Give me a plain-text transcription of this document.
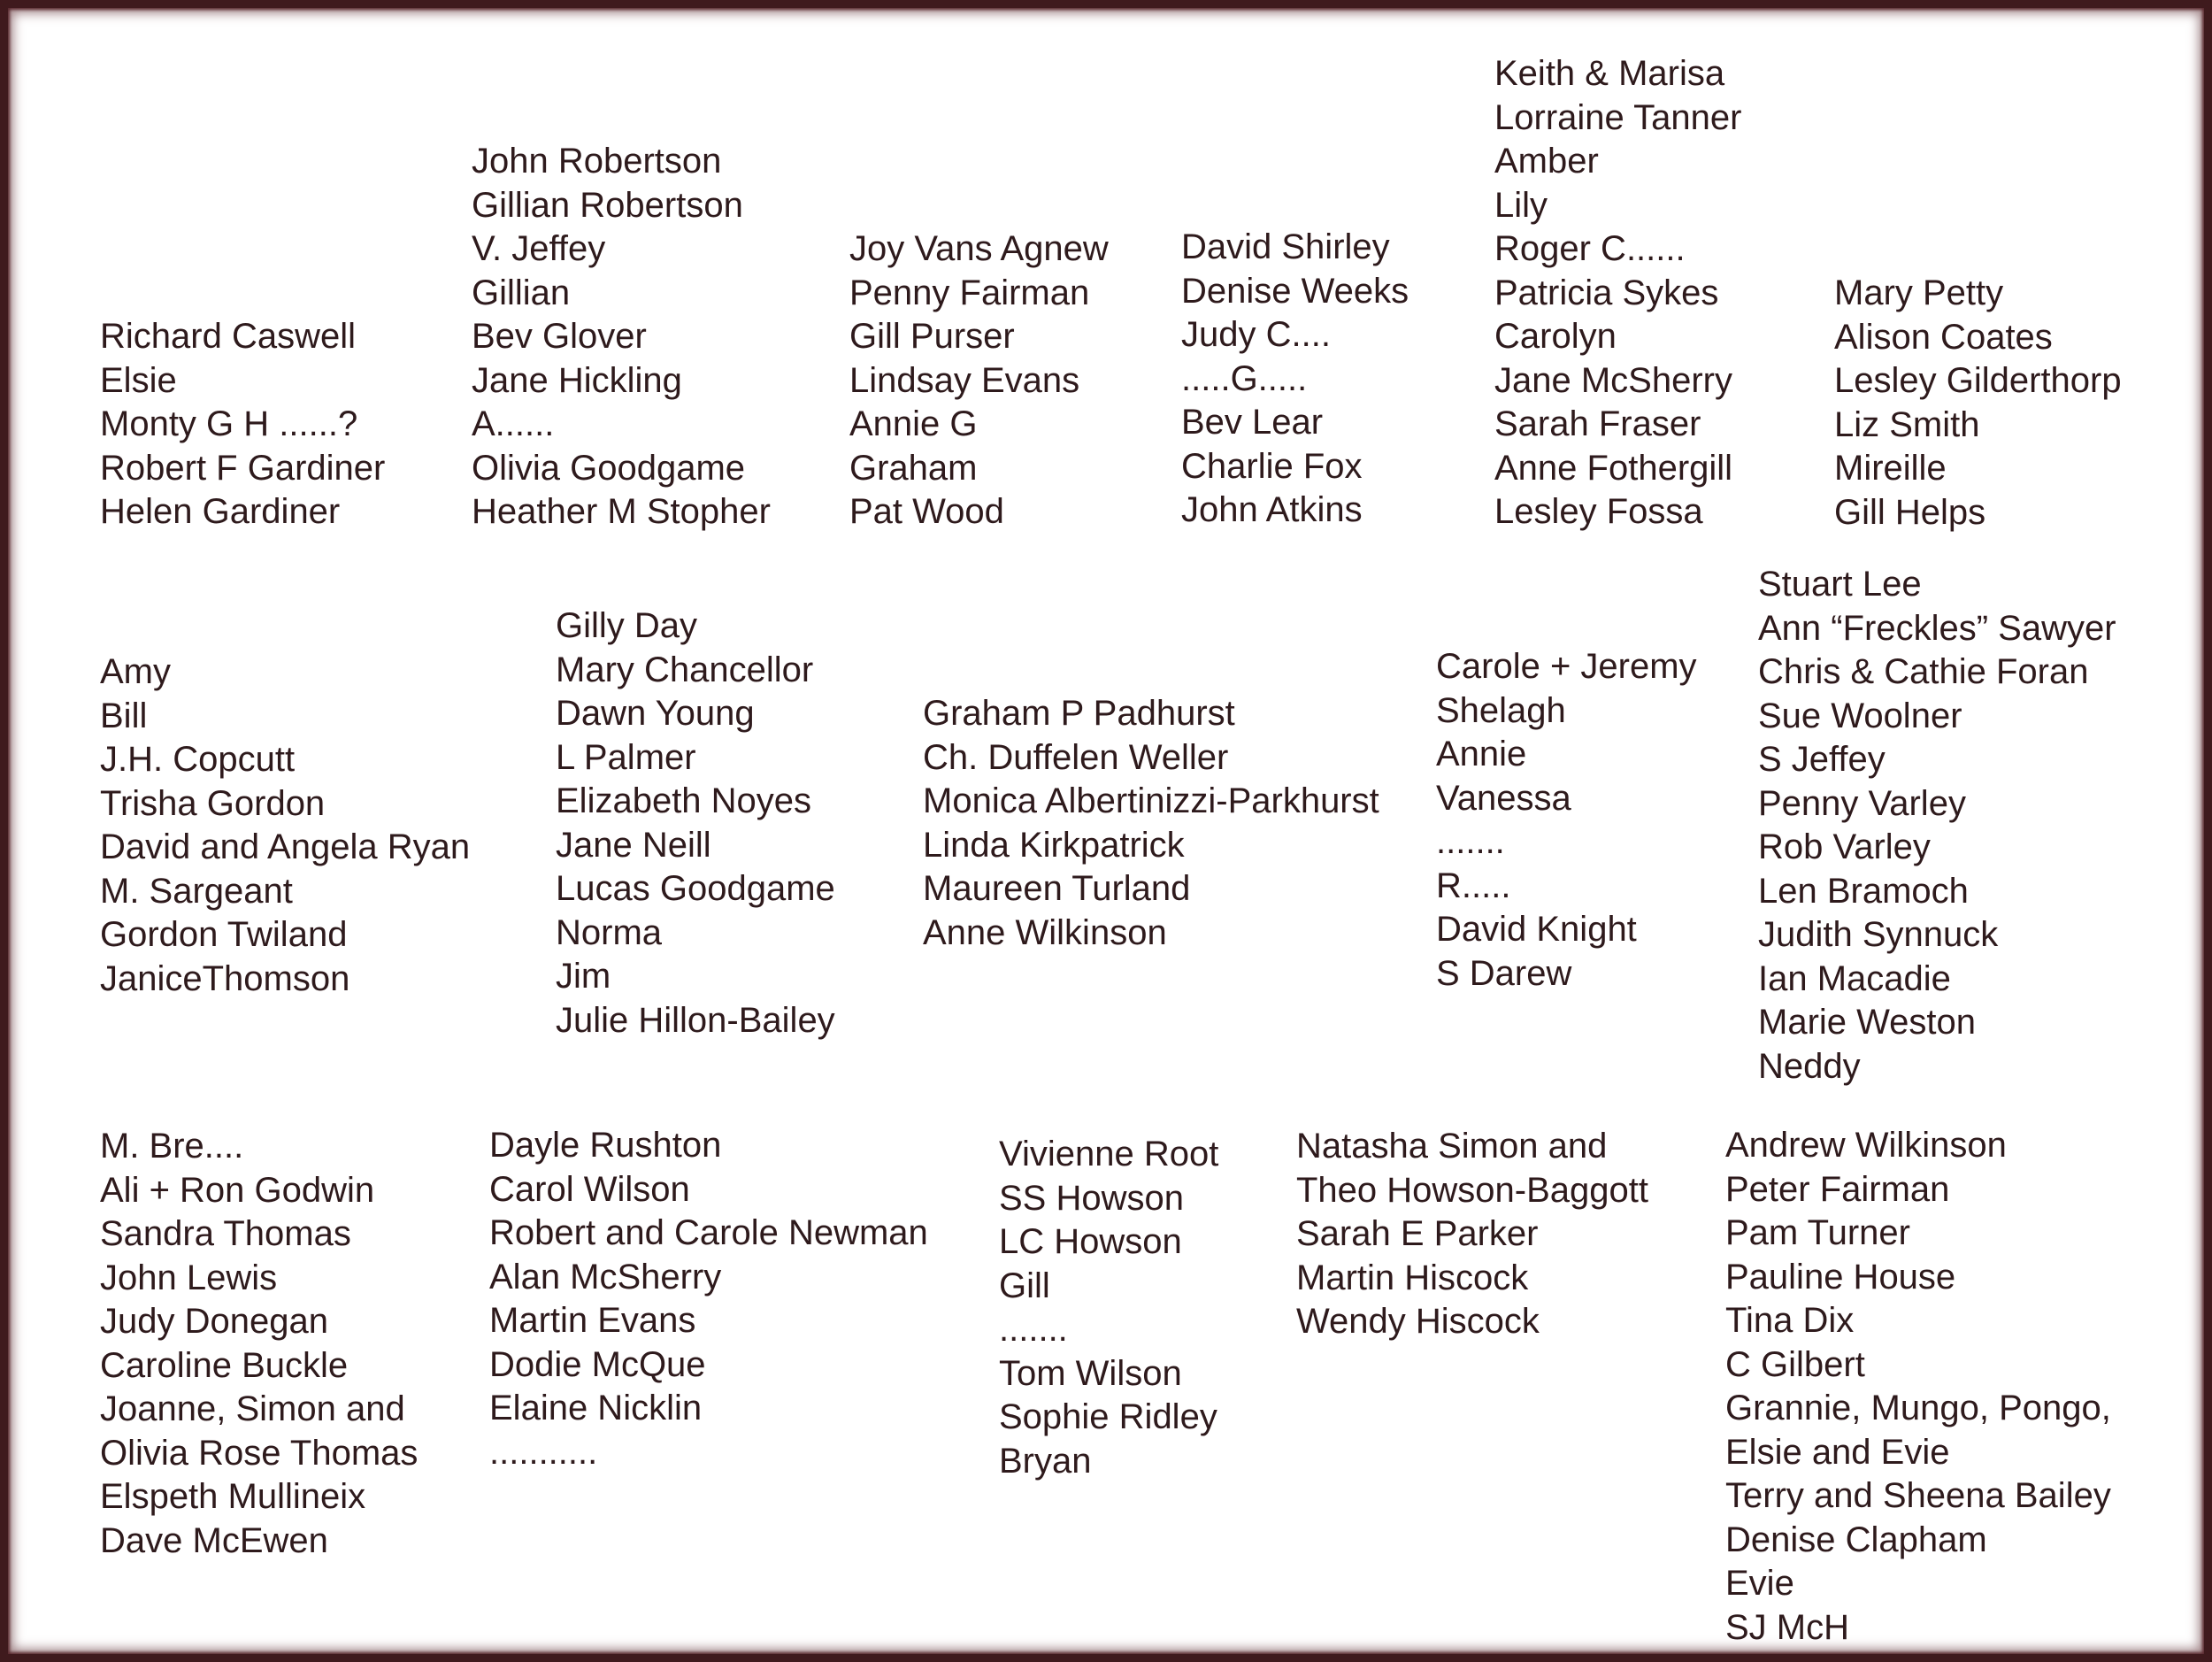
Richard Caswell
Elsie
Monty G H ......?
Robert F Gardiner
Helen Gardiner
John Robertson
Gillian Robertson
V. Jeffey
Gillian
Bev Glover
Jane Hickling
A......
Olivia Goodgame
Heather M Stopher
Joy Vans Agnew
Penny Fairman
Gill Purser
Lindsay Evans
Annie G
Graham
Pat Wood
David Shirley
Denise Weeks
Judy C....
.....G.....
Bev Lear
Charlie Fox
John Atkins
Keith & Marisa
Lorraine Tanner
Amber
Lily
Roger C......
Patricia Sykes
Carolyn
Jane McSherry
Sarah Fraser
Anne Fothergill
Lesley Fossa
Mary Petty
Alison Coates
Lesley Gilderthorp
Liz Smith
Mireille
Gill Helps
Amy
Bill
J.H. Copcutt
Trisha Gordon
David and Angela Ryan
M. Sargeant
Gordon Twiland
JaniceThomson
Gilly Day
Mary Chancellor
Dawn Young
L Palmer
Elizabeth Noyes
Jane Neill
Lucas Goodgame
Norma
Jim
Julie Hillon-Bailey
Graham P Padhurst
Ch. Duffelen Weller
Monica Albertinizzi-Parkhurst
Linda Kirkpatrick
Maureen Turland
Anne Wilkinson
Carole + Jeremy
Shelagh
Annie
Vanessa
.......
R.....
David Knight
S Darew
Stuart Lee
Ann “Freckles” Sawyer
Chris & Cathie Foran
Sue Woolner
S Jeffey
Penny Varley
Rob Varley
Len Bramoch
Judith Synnuck
Ian Macadie
Marie Weston
Neddy
M. Bre....
Ali + Ron Godwin
Sandra Thomas
John Lewis
Judy Donegan
Caroline Buckle
Joanne, Simon and
Olivia Rose Thomas
Elspeth Mullineix
Dave McEwen
Dayle Rushton
Carol Wilson
Robert and Carole Newman
Alan McSherry
Martin Evans
Dodie McQue
Elaine Nicklin
...........
Vivienne Root
SS Howson
LC Howson
Gill
.......
Tom Wilson
Sophie Ridley
Bryan
Natasha Simon and
Theo Howson-Baggott
Sarah E Parker
Martin Hiscock
Wendy Hiscock
Andrew Wilkinson
Peter Fairman
Pam Turner
Pauline House
Tina Dix
C Gilbert
Grannie, Mungo, Pongo,
Elsie and Evie
Terry and Sheena Bailey
Denise Clapham
Evie
SJ McH
